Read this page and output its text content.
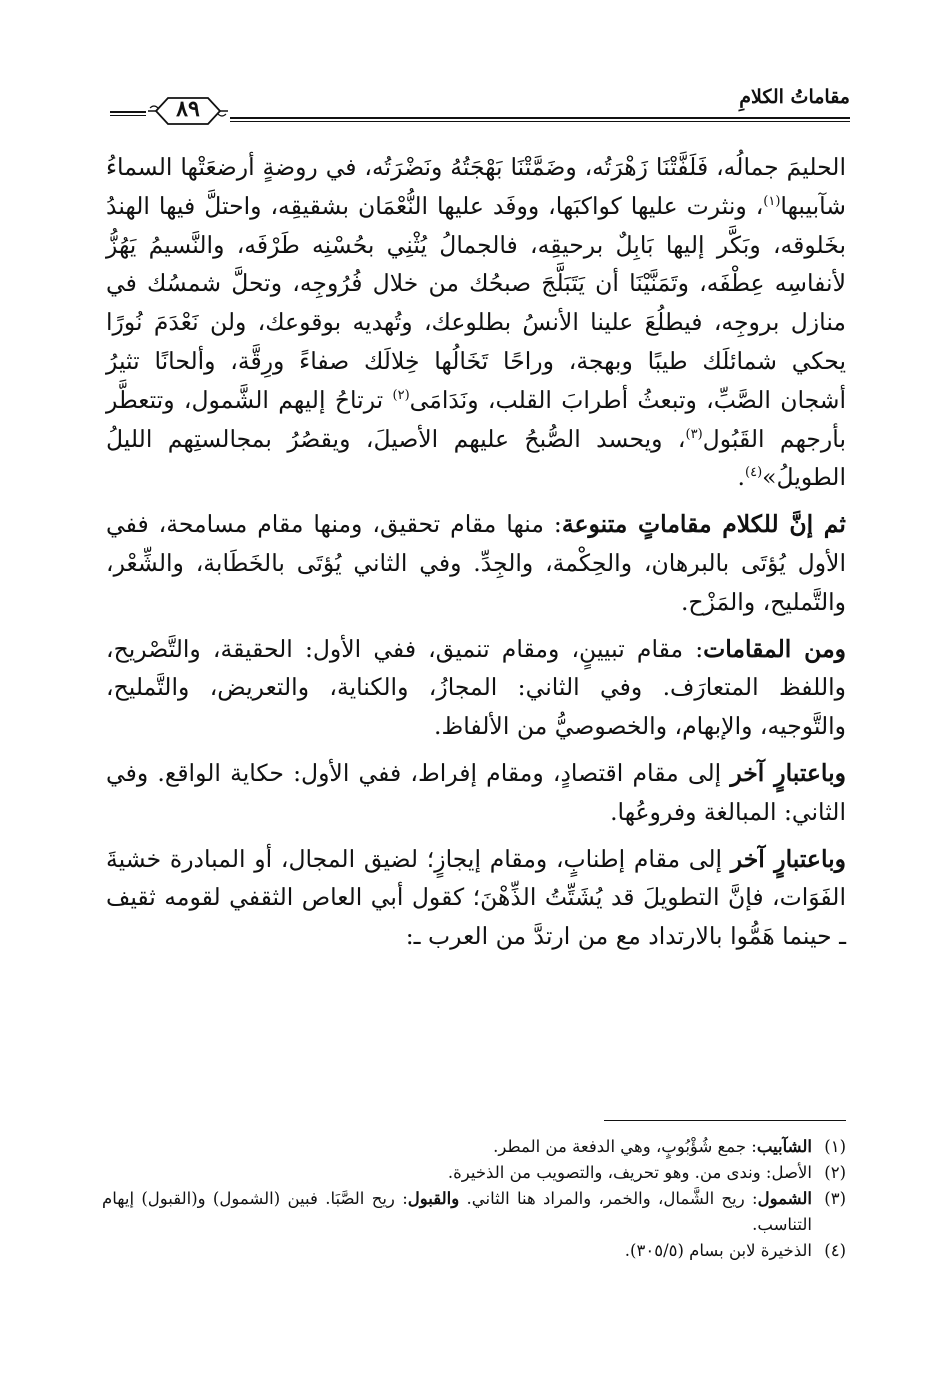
مقاماتُ الكلامِ
٨٩

الحليمَ جمالُه، فَلَفَّتْنَا زَهْرَتُه، وضَمَّتْنَا بَهْجَتُهُ ونَضْرَتُه، في روضةٍ أرضعَتْها السماءُ شآبيبها$^{(١)}$، ونثرت عليها كواكبَها، ووفَد عليها النُّعْمَان بشقيقِه، واحتلَّ فيها الهندُ بخَلوقه، وبَكَّر إليها بَابِلٌ برحيقِه، فالجمالُ يُثْنِي بحُسْنِه طَرْفَه، والنَّسيمُ يَهُزُّ لأنفاسِه عِطْفَه، وتَمَنَّيْنَا أن يَتَبَلَّجَ صبحُك من خلال فُرُوجِه، وتحلَّ شمسُك في منازل بروجِه، فيطلُعَ علينا الأنسُ بطلوعك، وتُهديه بوقوعك، ولن نَعْدَمَ نُورًا يحكي شمائلَك طيبًا وبهجة، وراحًا تَخَالُها خِلالَك صفاءً ورِقَّة، وألحانًا تثيرُ أشجان الصَّبِّ، وتبعثُ أطرابَ القلب، ونَدَامَى$^{(٢)}$ ترتاحُ إليهم الشَّمول، وتتعطَّر بأرجهم القَبُول$^{(٣)}$، ويحسد الصُّبحُ عليهم الأصيلَ، ويقصُرُ بمجالستِهم الليلُ الطويلُ»$^{(٤)}$.

ثم إنَّ للكلام مقاماتٍ متنوعة: منها مقام تحقيق، ومنها مقام مسامحة، ففي الأول يُؤتَى بالبرهان، والحِكْمة، والجِدِّ. وفي الثاني يُؤتَى بالخَطَابة، والشِّعْر، والتَّمليح، والمَزْح.

ومن المقامات: مقام تبيينٍ، ومقام تنميق، ففي الأول: الحقيقة، والتَّصْريح، واللفظ المتعارَف. وفي الثاني: المجازُ، والكناية، والتعريض، والتَّمليح، والتَّوجيه، والإبهام، والخصوصيُّ من الألفاظ.

وباعتبارٍ آخر إلى مقام اقتصادٍ، ومقام إفراط، ففي الأول: حكاية الواقع. وفي الثاني: المبالغة وفروعُها.

وباعتبارٍ آخر إلى مقام إطنابٍ، ومقام إيجازٍ؛ لضيق المجال، أو المبادرة خشيةَ الفَوَات، فإنَّ التطويلَ قد يُشَتِّتُ الذِّهْنَ؛ كقول أبي العاص الثقفي لقومه ثقيف ـ حينما هَمُّوا بالارتداد مع من ارتدَّ من العرب ـ:

(١)
الشآبيب: جمع شُؤْبُوبٍ، وهي الدفعة من المطر.
(٢)
الأصل: وندى من. وهو تحريف، والتصويب من الذخيرة.
(٣)
الشمول: ريح الشَّمال، والخمر، والمراد هنا الثاني. والقبول: ريح الصَّبَا. فبين (الشمول) و(القبول) إيهام التناسب.
(٤)
الذخيرة لابن بسام (٣٠٥/٥).
